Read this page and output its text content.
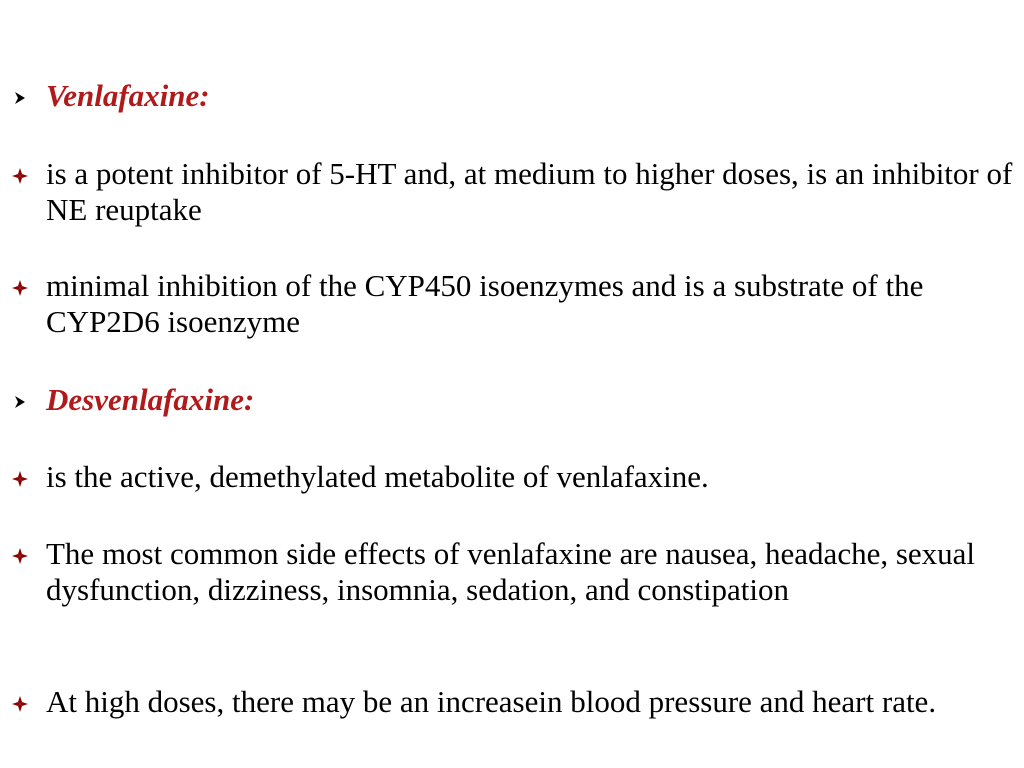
Venlafaxine:
is a potent inhibitor of 5-HT and, at medium to higher doses, is an inhibitor of NE reuptake
minimal inhibition of the CYP450 isoenzymes and is a substrate of the CYP2D6 isoenzyme
Desvenlafaxine:
is the active, demethylated metabolite of venlafaxine.
The most common side effects of venlafaxine are nausea, headache, sexual dysfunction, dizziness, insomnia, sedation, and constipation
At high doses, there may be an increasein blood pressure and heart rate.
